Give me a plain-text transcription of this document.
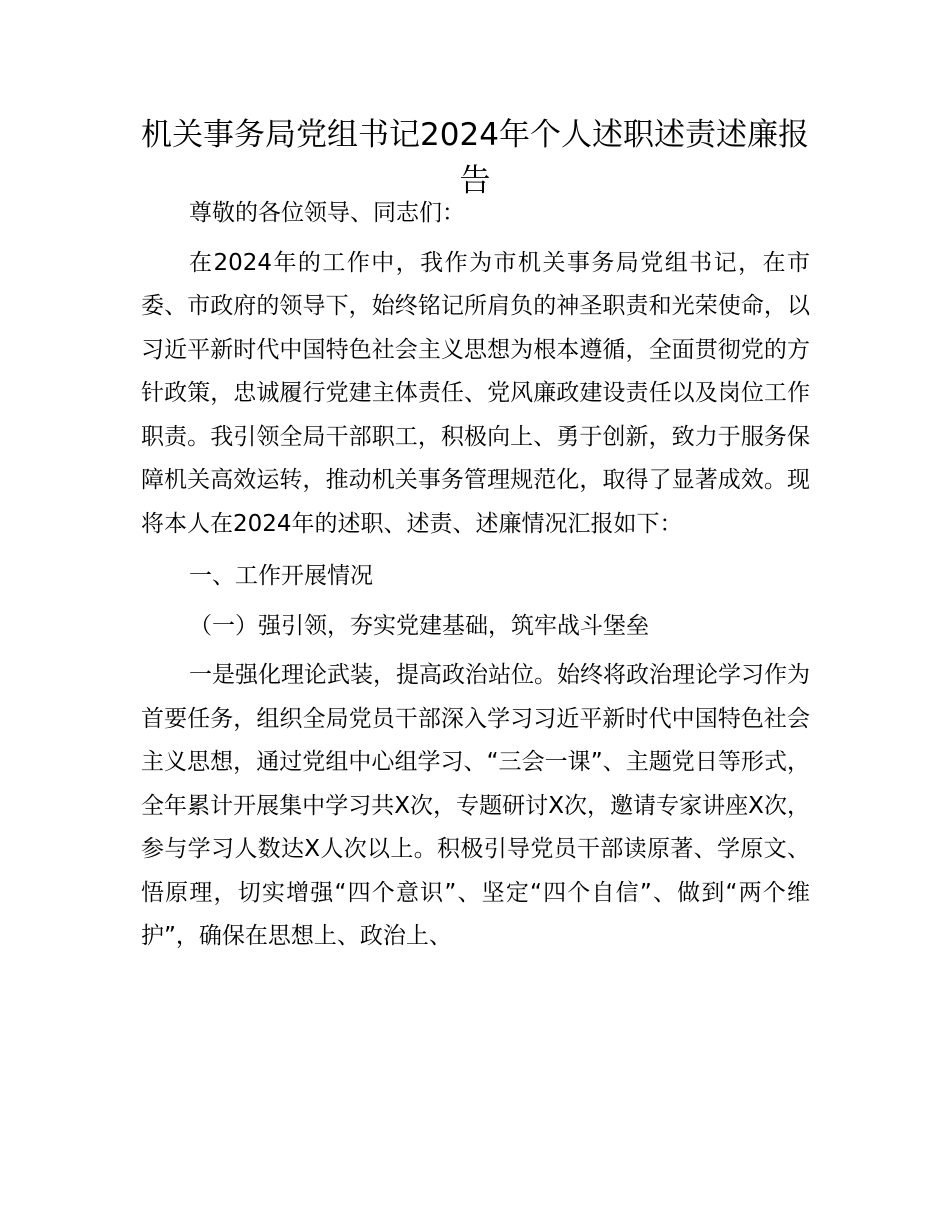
机关事务局党组书记2024年个人述职述责述廉报告

尊敬的各位领导、同志们：

在2024年的工作中，我作为市机关事务局党组书记，在市委、市政府的领导下，始终铭记所肩负的神圣职责和光荣使命，以习近平新时代中国特色社会主义思想为根本遵循，全面贯彻党的方针政策，忠诚履行党建主体责任、党风廉政建设责任以及岗位工作职责。我引领全局干部职工，积极向上、勇于创新，致力于服务保障机关高效运转，推动机关事务管理规范化，取得了显著成效。现将本人在2024年的述职、述责、述廉情况汇报如下：

一、工作开展情况

（一）强引领，夯实党建基础，筑牢战斗堡垒

一是强化理论武装，提高政治站位。始终将政治理论学习作为首要任务，组织全局党员干部深入学习习近平新时代中国特色社会主义思想，通过党组中心组学习、“三会一课”、主题党日等形式，全年累计开展集中学习共X次，专题研讨X次，邀请专家讲座X次，参与学习人数达X人次以上。积极引导党员干部读原著、学原文、悟原理，切实增强“四个意识”、坚定“四个自信”、做到“两个维护”，确保在思想上、政治上、
